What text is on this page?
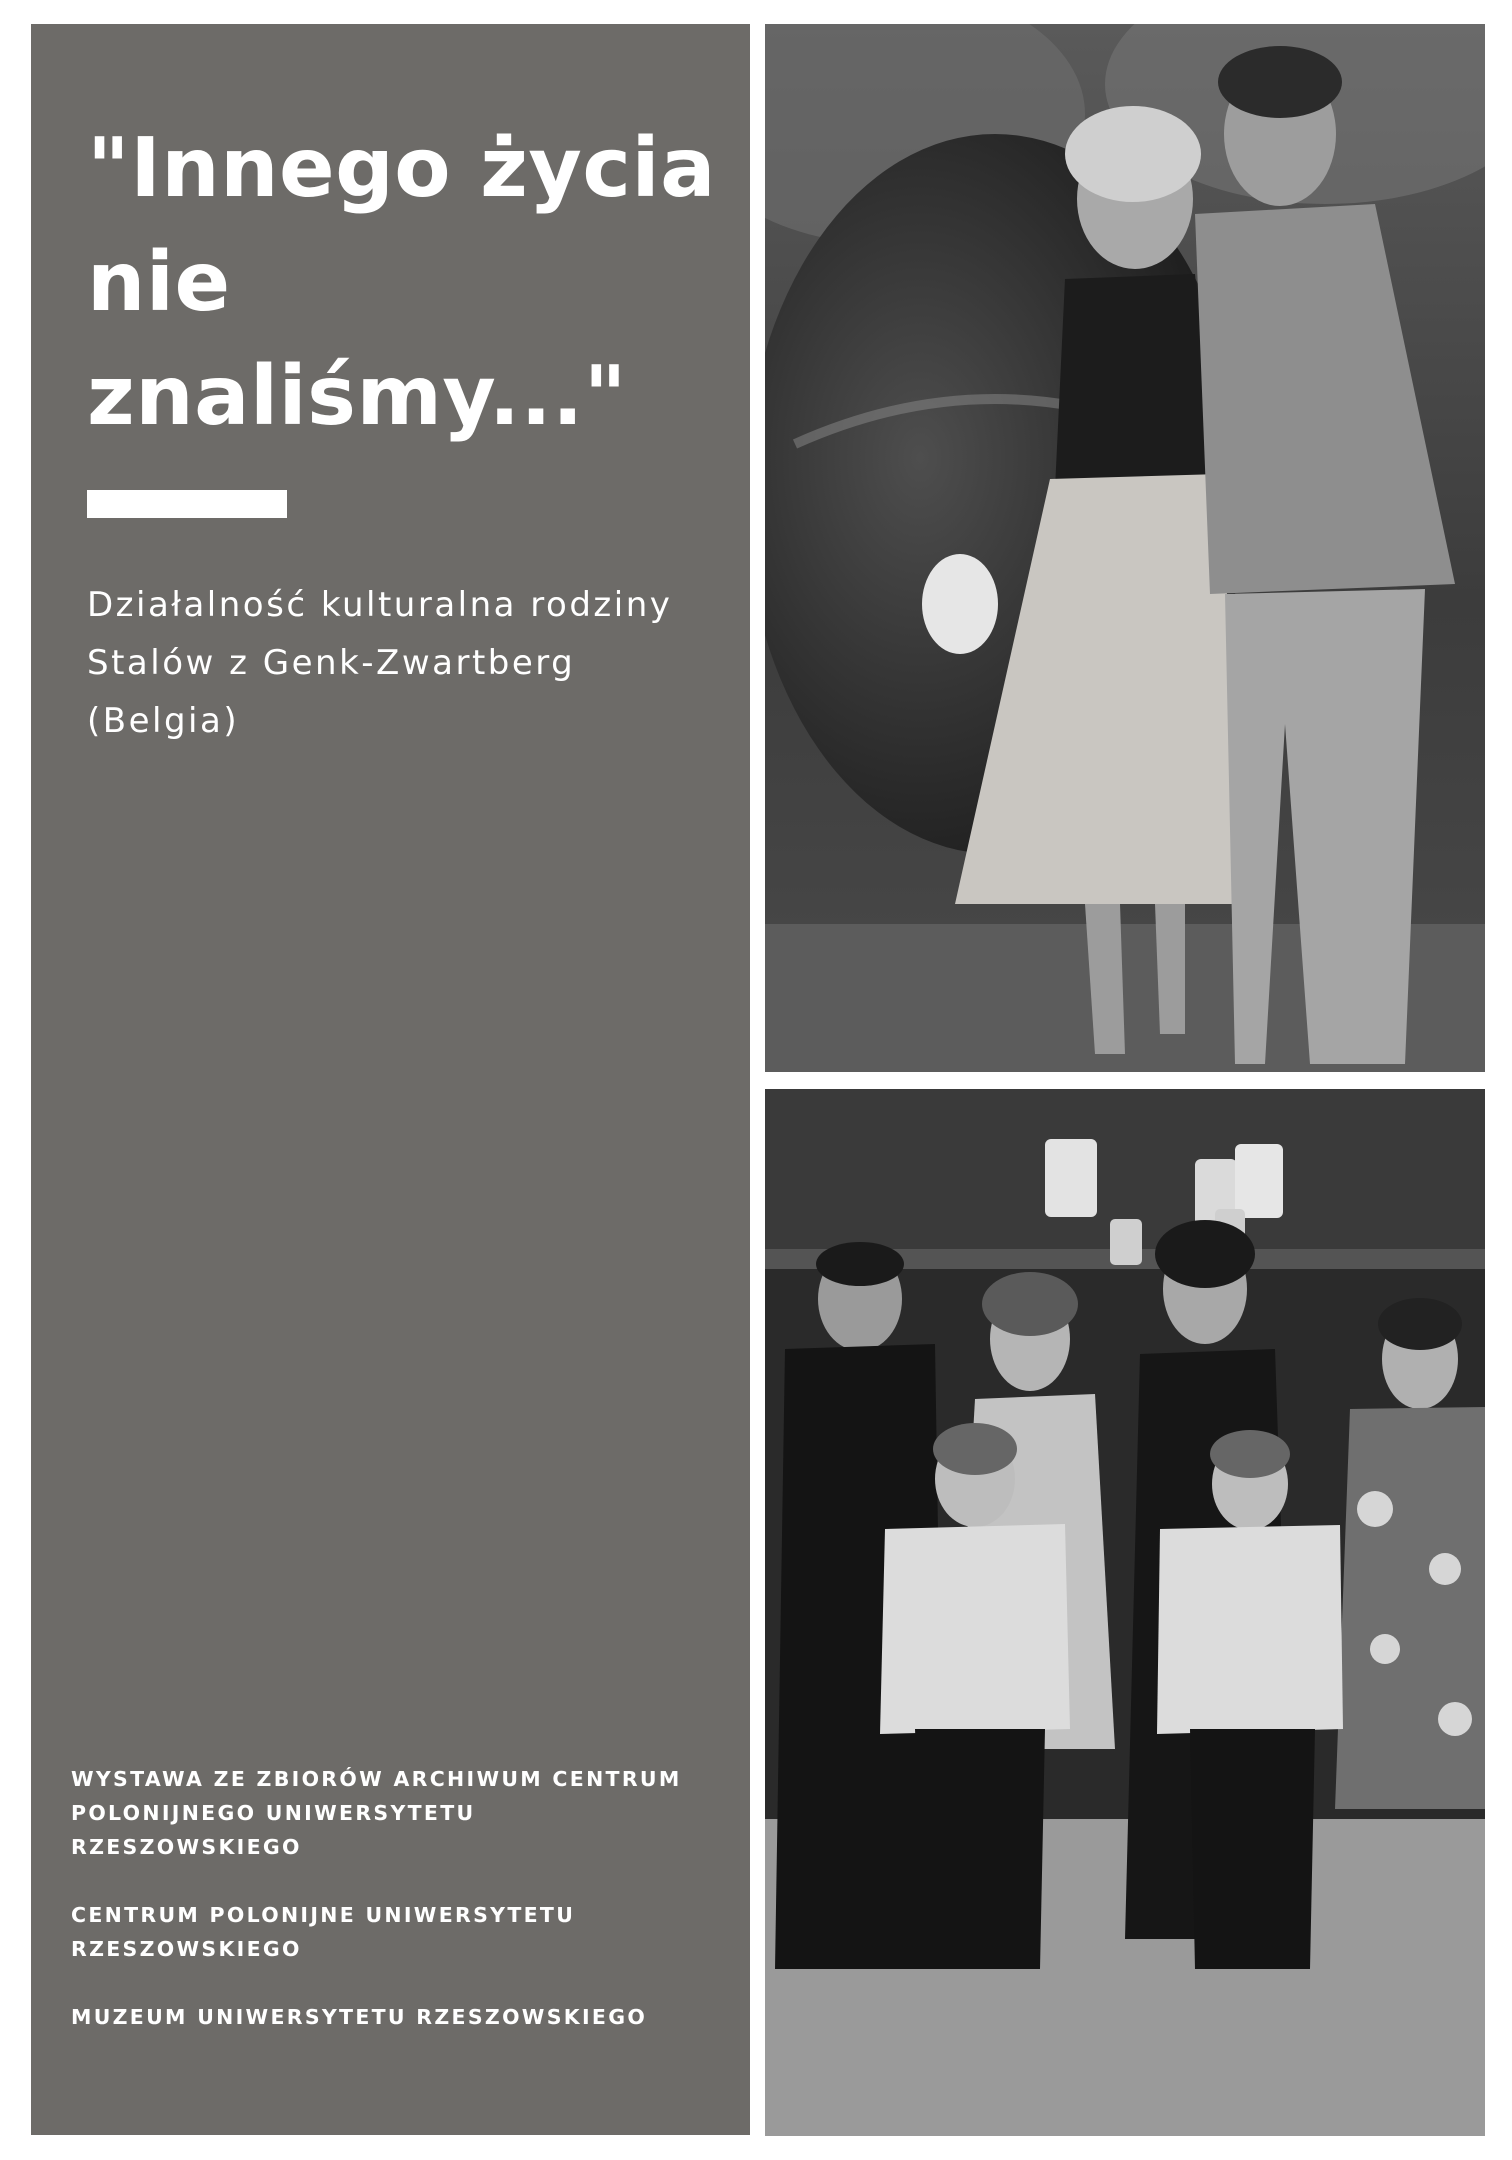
"Innego życia nie znaliśmy..."

Działalność kulturalna rodziny Stalów z Genk-Zwartberg (Belgia)

WYSTAWA ZE ZBIORÓW ARCHIWUM CENTRUM
POLONIJNEGO UNIWERSYTETU
RZESZOWSKIEGO
CENTRUM POLONIJNE UNIWERSYTETU
RZESZOWSKIEGO
MUZEUM UNIWERSYTETU RZESZOWSKIEGO
